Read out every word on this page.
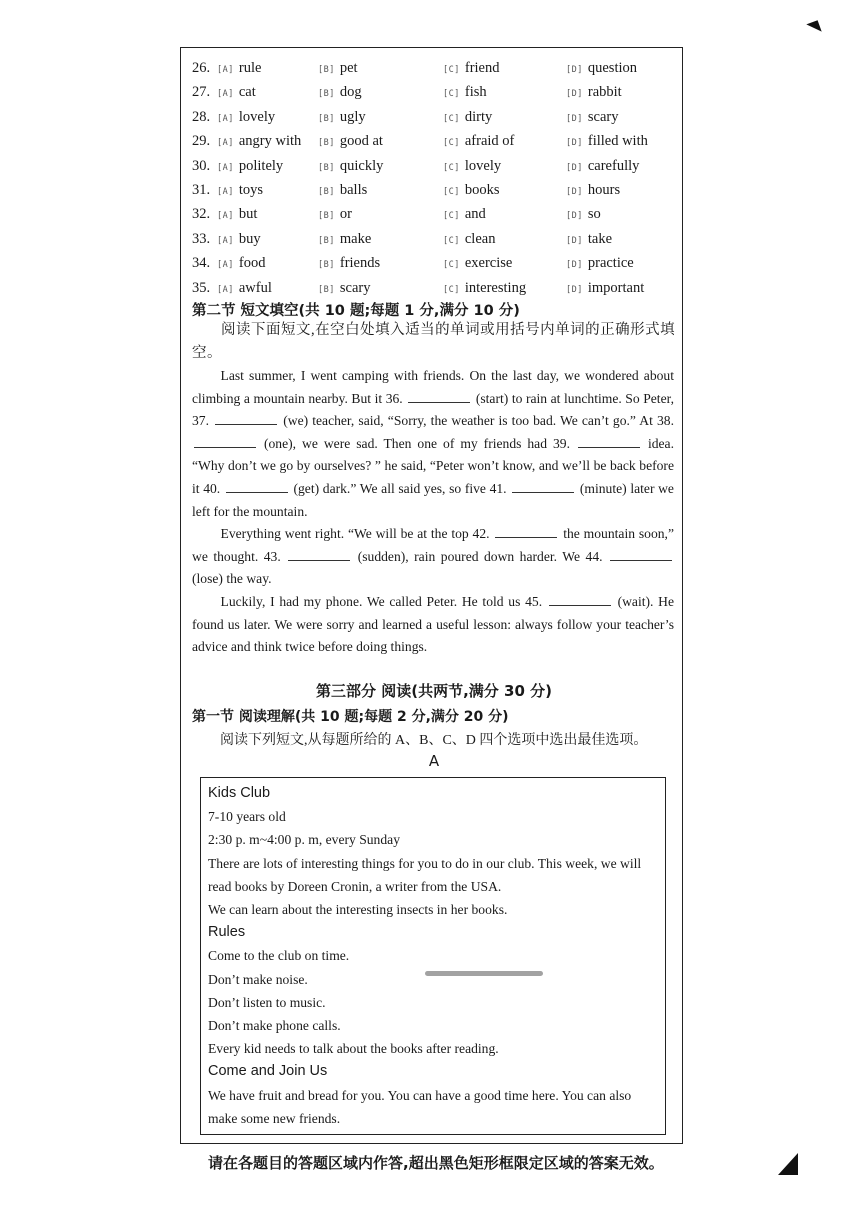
26. [A] rule	[B] pet	[C] friend	[D] question
27. [A] cat	[B] dog	[C] fish	[D] rabbit
28. [A] lovely	[B] ugly	[C] dirty	[D] scary
29. [A] angry with [B] good at	[C] afraid of	[D] filled with
30. [A] politely	[B] quickly	[C] lovely	[D] carefully
31. [A] toys	[B] balls	[C] books	[D] hours
32. [A] but	[B] or	[C] and	[D] so
33. [A] buy	[B] make	[C] clean	[D] take
34. [A] food	[B] friends	[C] exercise	[D] practice
35. [A] awful	[B] scary	[C] interesting	[D] important
第二节 短文填空(共 10 题;每题 1 分,满分 10 分)
阅读下面短文,在空白处填入适当的单词或用括号内单词的正确形式填空。

Last summer, I went camping with friends. On the last day, we wondered about climbing a mountain nearby. But it 36.	(start) to rain at lunchtime. So Peter, 37.	(we) teacher, said, “Sorry, the weather is too bad. We can’t go.” At 38.  (one), we were sad. Then one of my friends had 39.	idea. “Why don’t we go by ourselves? ” he said, “Peter won’t know, and we’ll be back before it 40.	(get) dark.” We all said yes, so five 41.	(minute) later we left for the mountain.

Everything went right. “We will be at the top 42.	the mountain soon,” we thought. 43.	(sudden), rain poured down harder. We 44.  (lose) the way.

Luckily, I had my phone. We called Peter. He told us 45.	(wait). He found us later. We were sorry and learned a useful lesson: always follow your teacher’s advice and think twice before doing things.

第三部分 阅读(共两节,满分 30 分)
第一节 阅读理解(共 10 题;每题 2 分,满分 20 分)
阅读下列短文,从每题所给的 A、B、C、D 四个选项中选出最佳选项。
A
Kids Club
7-10 years old
2:30 p. m~4:00 p. m, every Sunday
There are lots of interesting things for you to do in our club. This week, we will read books by Doreen Cronin, a writer from the USA.
We can learn about the interesting insects in her books.
Rules
Come to the club on time.
Don’t make noise.
Don’t listen to music.
Don’t make phone calls.
Every kid needs to talk about the books after reading.
Come and Join Us
We have fruit and bread for you. You can have a good time here. You can also make some new friends.
请在各题目的答题区域内作答,超出黑色矩形框限定区域的答案无效。
